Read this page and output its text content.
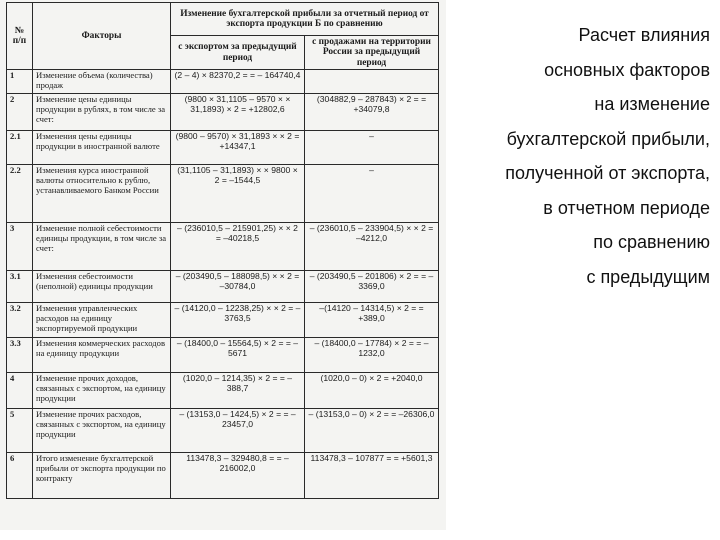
№ п/п	Факторы	Изменение бухгалтерской прибыли за отчетный период от экспорта продукции Б по сравнению	
		с экспортом за предыдущий период	с продажами на территории России за предыдущий период
1	Изменение объема (количества) продаж	(2 – 4) × 82370,2 = = – 164740,4	
2	Изменение цены единицы продукции в рублях, в том числе за счет:	(9800 × 31,1105 – 9570 × × 31,1893) × 2 = +12802,6	(304882,9 – 287843) × 2 = = +34079,8
2.1	Изменения цены единицы продукции в иностранной валюте	(9800 – 9570) × 31,1893 × × 2 = +14347,1	–
2.2	Изменения курса иностранной валюты относительно к рублю, устанавливаемого Банком России	(31,1105 – 31,1893) × × 9800 × 2 = –1544,5	–
3	Изменение полной себестоимости единицы продукции, в том числе за счет:	– (236010,5 – 215901,25) × × 2 = –40218,5	– (236010,5 – 233904,5) × × 2 = –4212,0
3.1	Изменения себестоимости (неполной) единицы продукции	– (203490,5 – 188098,5) × × 2 = –30784,0	– (203490,5 – 201806) × 2 = = –3369,0
3.2	Изменения управленческих расходов на единицу экспортируемой продукции	– (14120,0 – 12238,25) × × 2 = –3763,5	–(14120 – 14314,5) × 2 = = +389,0
3.3	Изменения коммерческих расходов на единицу продукции	– (18400,0 – 15564,5) × 2 = = –5671	– (18400,0 – 17784) × 2 = = –1232,0
4	Изменение прочих доходов, связанных с экспортом, на единицу продукции	(1020,0 – 1214,35) × 2 = = –388,7	(1020,0 – 0) × 2 = +2040,0
5	Изменение прочих расходов, связанных с экспортом, на единицу продукции	– (13153,0 – 1424,5) × 2 = = –23457,0	– (13153,0 – 0) × 2 = = –26306,0
6	Итого изменение бухгалтерской прибыли от экспорта продукции по контракту	113478,3 – 329480,8 = = –216002,0	113478,3 – 107877 = = +5601,3
Расчет влияния
основных факторов
на изменение
бухгалтерской прибыли,
полученной от экспорта,
в отчетном периоде
по сравнению
с предыдущим
